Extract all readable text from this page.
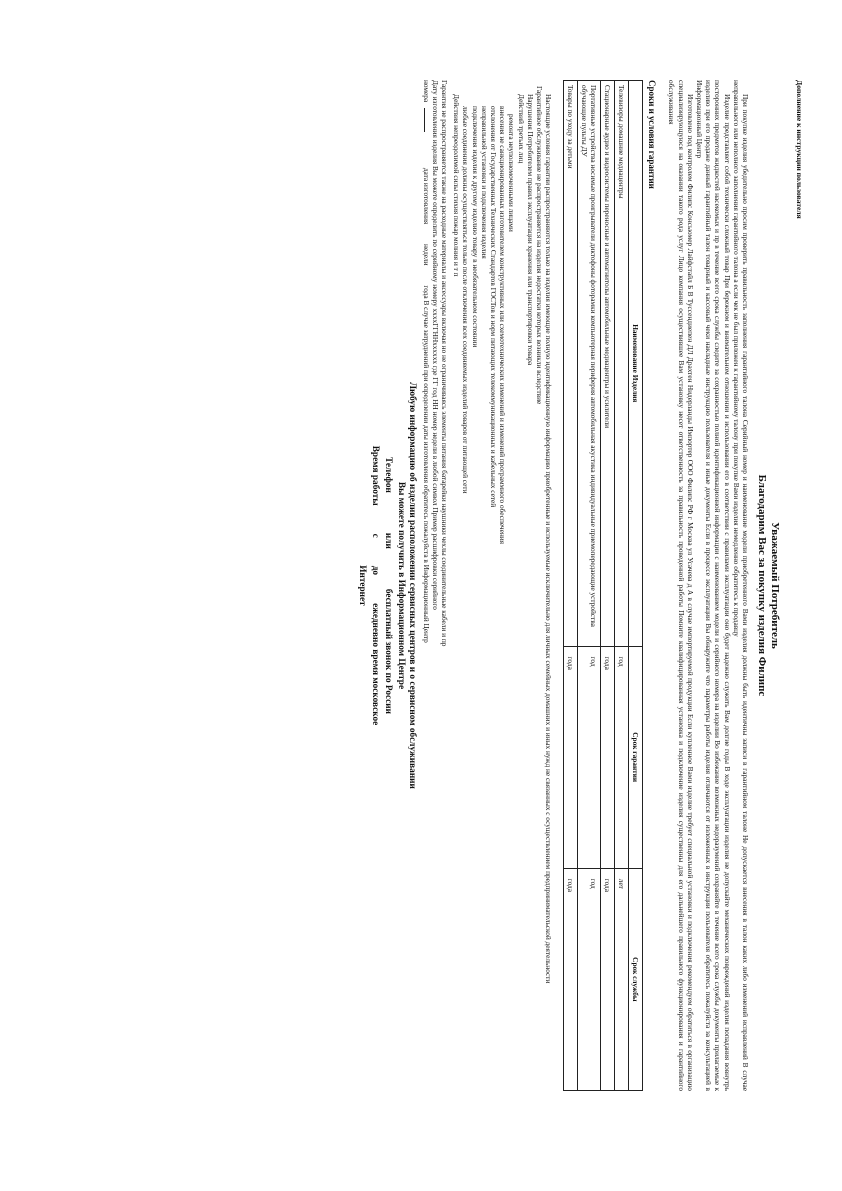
Дополнение к инструкции пользователя
Уважаемый Потребитель
Благодарим Вас за покупку изделия Филипс

При покупке изделия убедительно просим проверить правильность заполнения гарантийного талона Серийный номер и наименование модели приобретенного Вами изделия должны быть идентичны записи в гарантийном талоне Не допускается внесения в талон каких либо изменений исправлений В случае неправильного или неполного заполнения гарантийного талона а если чек не был приложен к гарантийному талону при покупке Вами изделия немедленно обратитесь к продавцу

Изделие представляет собой технически сложный товар При бережном и внимательном отношении и использовании его в соответствии с правилами эксплуатации оно будет надежно служить Вам долгие годы В ходе эксплуатации изделия не допускайте механических повреждений изделия попадания вовнутрь посторонних предметов жидкостей насекомых и пр в течение всего срока службы следите за сохранностью полной идентификационной информации с наименованием модели и серийного номера на изделии Во избежание возможных недоразумений сохраняйте в течение всего срока службы документы прилагаемые к изделию при его продаже данный гарантийный талон товарный и кассовый чеки накладные инструкцию пользователя и иные документы Если в процессе эксплуатации Вы обнаружите что параметры работы изделия отличаются от изложенных в инструкции пользователя обратитесь пожалуйста за консультацией в Информационный Центр

Изготовлено под контролем Филипс Консьюмер Лайфстайл Б В Туссендиепен ДЛ Драхтен Нидерланды Импортер ООО Филипс РФ г Москва ул Усачева д А в случае импортируемой продукции Если купленное Вами изделие требует специальной установки и подключения рекомендуем обратиться в организацию специализирующуюся на оказании такого рода услуг Лицо компания осуществившее Вам установку несет ответственность за правильность проведенной работы Помните квалифицированная установка и подключение изделия существенны для его дальнейшего правильного функционирования и гарантийного обслуживания

Сроки и условия гарантии
Наименование Изделия	Срок гарантии	Срок службы
Телевизоры домашние медиацентры	год	лет
Стационарные аудио и видеосистемы переносные и автомагнитолы автомобильные медиацентры и усилители	года	года
Портативные устройства носимые проигрыватели диктофоны фоторамки компьютерная периферия автомобильная акустика индивидуальные приемопередающие устройства обучающие пульты ДУ	год	год
Товары по уходу за детьми	года	года

Настоящие условия гарантии распространяются только на изделия имеющие полную идентификационную информацию приобретенные и используемые исключительно для личных семейных домашних и иных нужд не связанных с осуществлением предпринимательской деятельности

Гарантийное обслуживание не распространяется на изделия недостатки которых возникли вследствие

Нарушения Потребителем правил эксплуатации хранения или транспортировки товара

Действий третьих лиц

ремонта неуполномоченными лицами

внесения не санкционированных изготовителем конструктивных или схемотехнических изменений и изменений программного обеспечения

отклонения от Государственных Технических Стандартов ГОСТов и норм питающих телекоммуникационных и кабельных сетей

неправильной установки и подключения изделия

подключения изделия к другому изделию товару в необязательном состоянии

любые соединения должны осуществляться только после отключения всех соединяемых изделий товаров от питающей сети

Действия непреодолимой силы стихия пожар молния и т п

Гарантия не распространяется также на расходные материалы и аксессуары включая но не ограничиваясь элементы питания батарейки наушники чехлы соединительные кабели и пр

Дату изготовления изделия Вы можете определить по серийному номеру xxxxГГННxxxxxx где ГГ год НН номер недели в любой символ Пример расшифровки серийного

номера  дата изготовления недели года В случае затруднений при определении даты изготовления обратитесь пожалуйста в Информационный Центр

Любую информацию об изделии расположении сервисных центров и о сервисном обслуживании
Вы можете получить в Информационном Центре
Телефон
или
бесплатный звонок по России
Время работы
с
до
ежедневно время московское
Интернет
